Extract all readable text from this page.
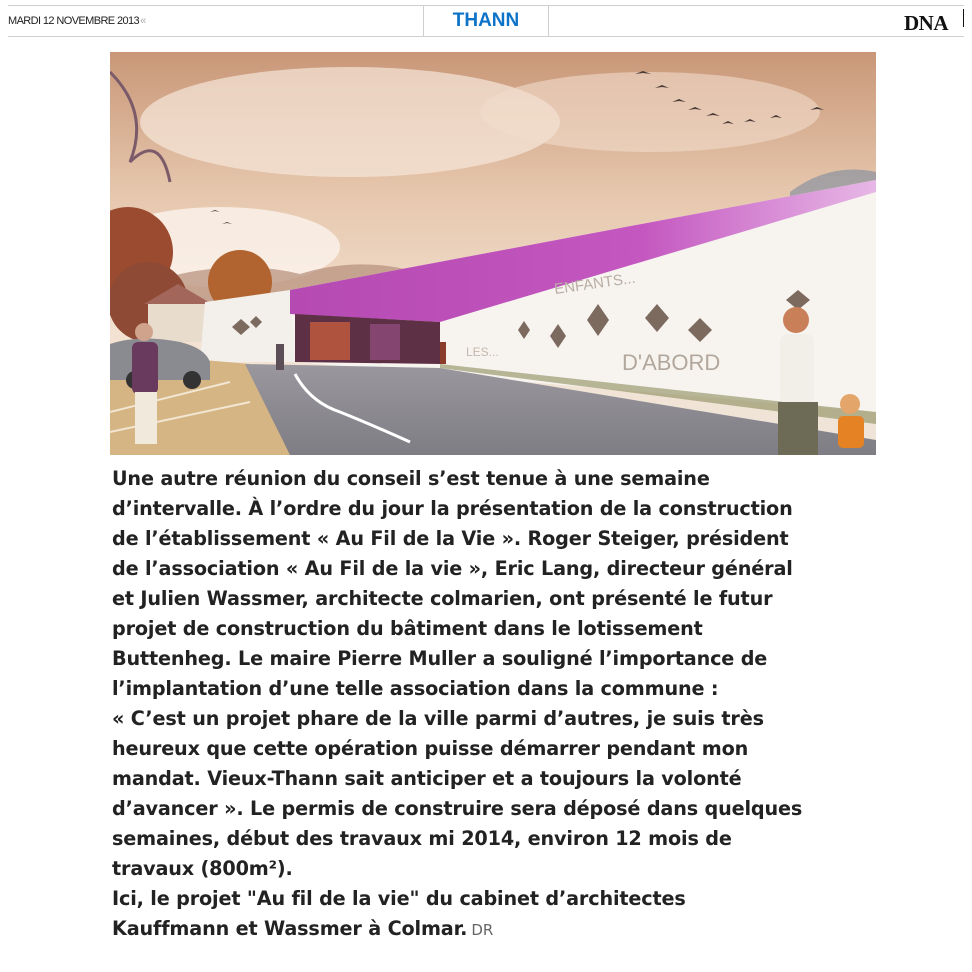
MARDI 12 NOVEMBRE 2013«	THANN	DNA
ENFANTS...
D'ABORD
LES...
Une autre réunion du conseil s’est tenue à une semaine
d’intervalle. À l’ordre du jour la présentation de la construction
de l’établissement « Au Fil de la Vie ». Roger Steiger, président
de l’association « Au Fil de la vie », Eric Lang, directeur général
et Julien Wassmer, architecte colmarien, ont présenté le futur
projet de construction du bâtiment dans le lotissement
Buttenheg. Le maire Pierre Muller a souligné l’importance de
l’implantation d’une telle association dans la commune :
« C’est un projet phare de la ville parmi d’autres, je suis très
heureux que cette opération puisse démarrer pendant mon
mandat. Vieux-Thann sait anticiper et a toujours la volonté
d’avancer ». Le permis de construire sera déposé dans quelques
semaines, début des travaux mi 2014, environ 12 mois de
travaux (800m²).
Ici, le projet "Au fil de la vie" du cabinet d’architectes
Kauffmann et Wassmer à Colmar. DR
